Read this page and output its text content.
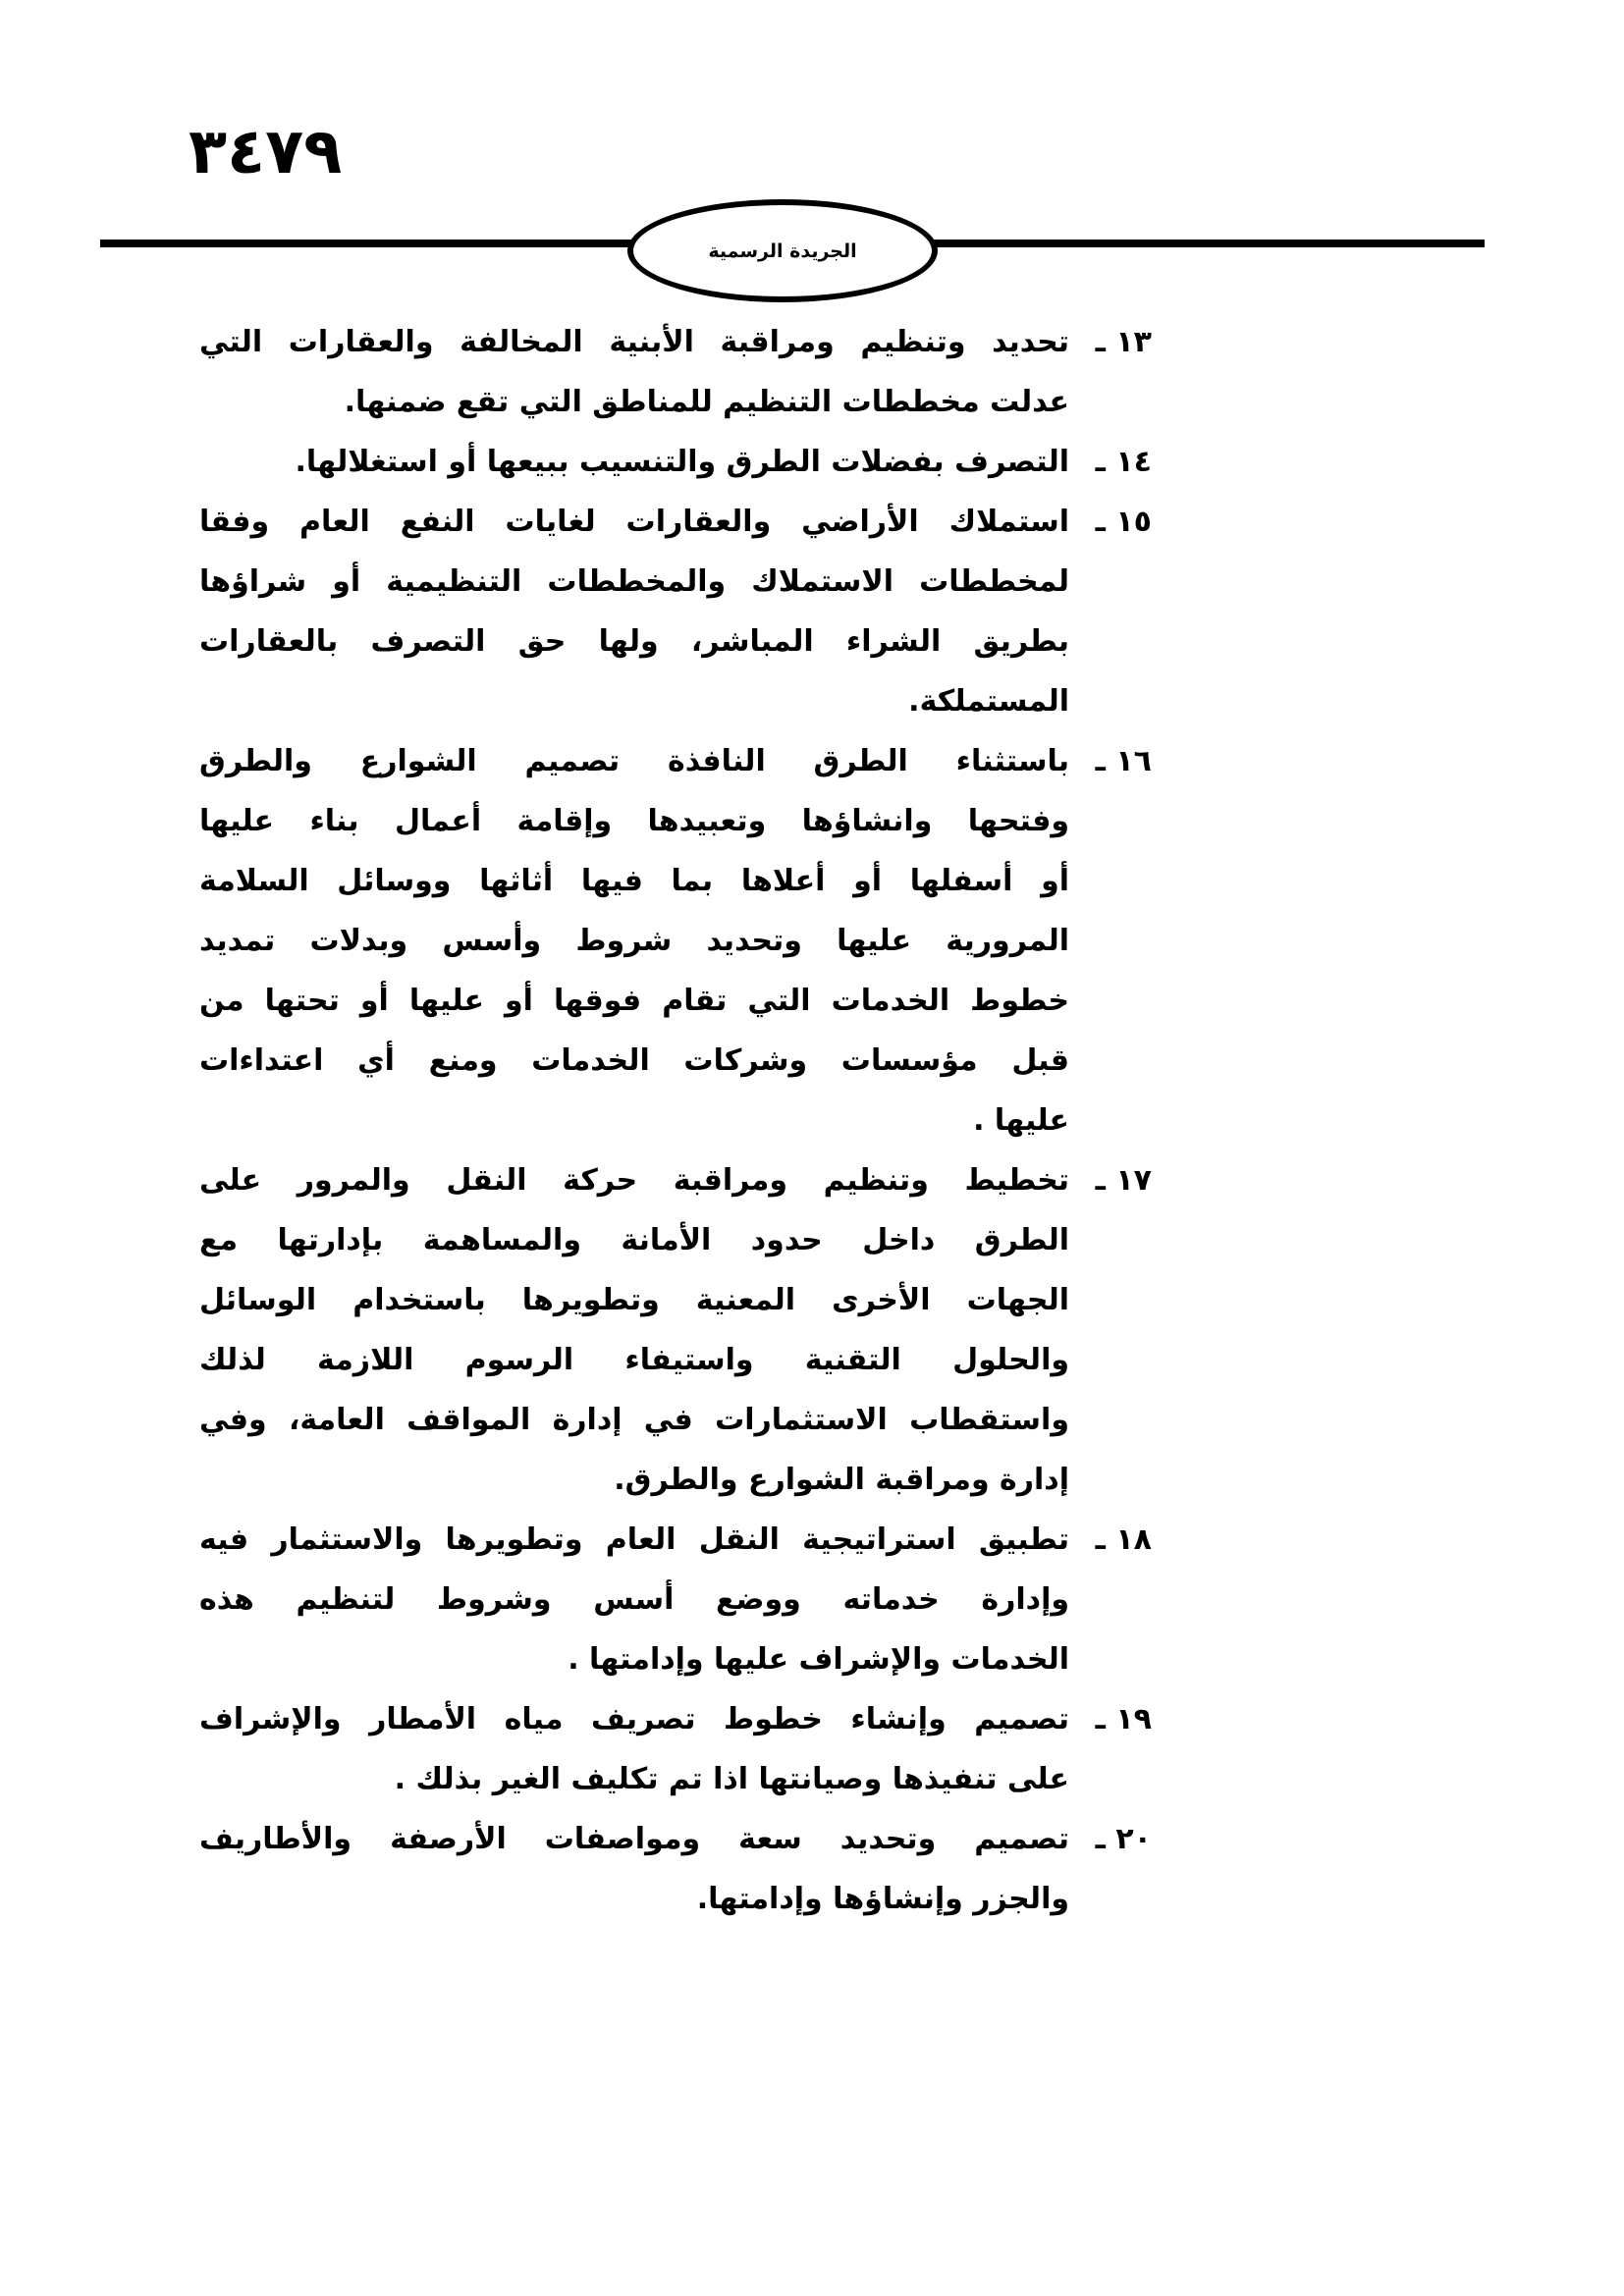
٣٤٧٩
الجريدة الرسمية
١٣ ـ
تحديد وتنظيم ومراقبة الأبنية المخالفة والعقارات التي
عدلت مخططات التنظيم للمناطق التي تقع ضمنها.
١٤ ـ
التصرف بفضلات الطرق والتنسيب ببيعها أو استغلالها.
١٥ ـ
استملاك الأراضي والعقارات لغايات النفع العام وفقا
لمخططات الاستملاك والمخططات التنظيمية أو شراؤها
بطريق الشراء المباشر، ولها حق التصرف بالعقارات
المستملكة.
١٦ ـ
باستثناء الطرق النافذة تصميم الشوارع والطرق
وفتحها وانشاؤها وتعبيدها وإقامة أعمال بناء عليها
أو أسفلها أو أعلاها بما فيها أثاثها ووسائل السلامة
المرورية عليها وتحديد شروط وأسس وبدلات تمديد
خطوط الخدمات التي تقام فوقها أو عليها أو تحتها من
قبل مؤسسات وشركات الخدمات ومنع أي اعتداءات
عليها .
١٧ ـ
تخطيط وتنظيم ومراقبة حركة النقل والمرور على
الطرق داخل حدود الأمانة والمساهمة بإدارتها مع
الجهات الأخرى المعنية وتطويرها باستخدام الوسائل
والحلول التقنية واستيفاء الرسوم اللازمة لذلك
واستقطاب الاستثمارات في إدارة المواقف العامة، وفي
إدارة ومراقبة الشوارع والطرق.
١٨ ـ
تطبيق استراتيجية النقل العام وتطويرها والاستثمار فيه
وإدارة خدماته ووضع أسس وشروط لتنظيم هذه
الخدمات والإشراف عليها وإدامتها .
١٩ ـ
تصميم وإنشاء خطوط تصريف مياه الأمطار والإشراف
على تنفيذها وصيانتها اذا تم تكليف الغير بذلك .
٢٠ ـ
تصميم وتحديد سعة ومواصفات الأرصفة والأطاريف
والجزر وإنشاؤها وإدامتها.
